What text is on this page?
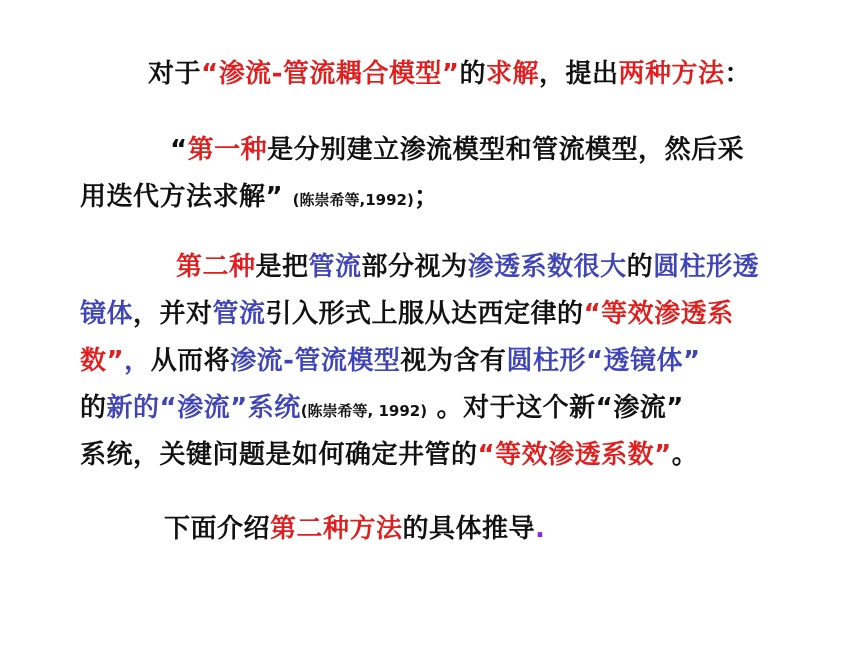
对于“渗流-管流耦合模型”的求解，提出两种方法：
“第一种是分别建立渗流模型和管流模型，然后采
用迭代方法求解” (陈崇希等,1992)；
第二种是把管流部分视为渗透系数很大的圆柱形透
镜体，并对管流引入形式上服从达西定律的“等效渗透系
数”，从而将渗流-管流模型视为含有圆柱形“透镜体”
的新的“渗流”系统(陈崇希等, 1992) 。对于这个新“渗流”
系统，关键问题是如何确定井管的“等效渗透系数”。
下面介绍第二种方法的具体推导.
